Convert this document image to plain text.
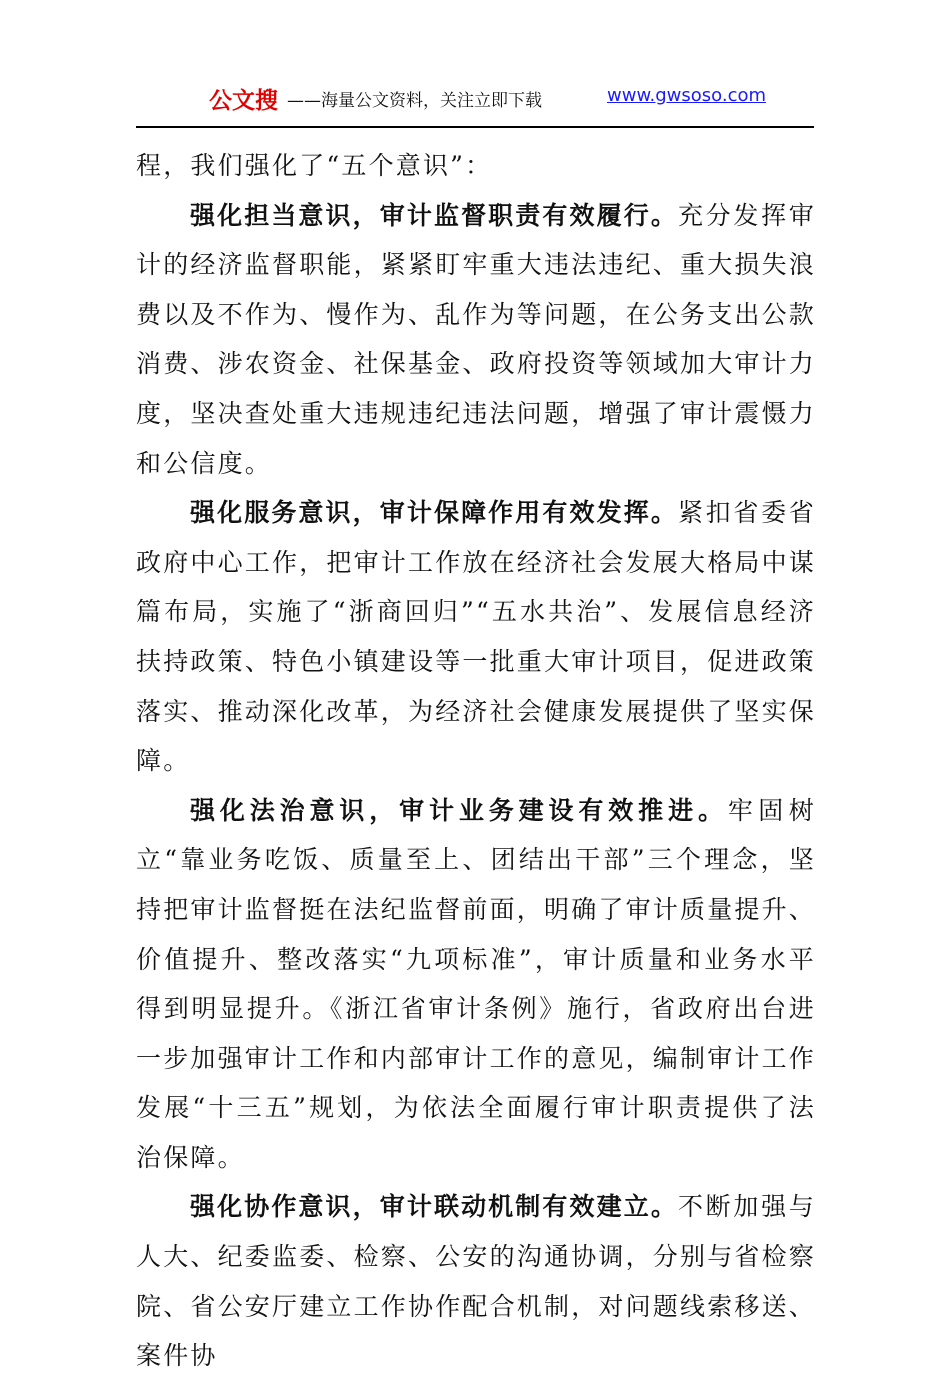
公文搜 ——海量公文资料，关注立即下载	www.gwsoso.com

程，我们强化了“五个意识”：

强化担当意识，审计监督职责有效履行。充分发挥审计的经济监督职能，紧紧盯牢重大违法违纪、重大损失浪费以及不作为、慢作为、乱作为等问题，在公务支出公款消费、涉农资金、社保基金、政府投资等领域加大审计力度，坚决查处重大违规违纪违法问题，增强了审计震慑力和公信度。

强化服务意识，审计保障作用有效发挥。紧扣省委省政府中心工作，把审计工作放在经济社会发展大格局中谋篇布局，实施了“浙商回归”“五水共治”、发展信息经济扶持政策、特色小镇建设等一批重大审计项目，促进政策落实、推动深化改革，为经济社会健康发展提供了坚实保障。

强化法治意识，审计业务建设有效推进。牢固树立“靠业务吃饭、质量至上、团结出干部”三个理念，坚持把审计监督挺在法纪监督前面，明确了审计质量提升、价值提升、整改落实“九项标准”，审计质量和业务水平得到明显提升。《浙江省审计条例》施行，省政府出台进一步加强审计工作和内部审计工作的意见，编制审计工作发展“十三五”规划，为依法全面履行审计职责提供了法治保障。

强化协作意识，审计联动机制有效建立。不断加强与人大、纪委监委、检察、公安的沟通协调，分别与省检察院、省公安厅建立工作协作配合机制，对问题线索移送、案件协
